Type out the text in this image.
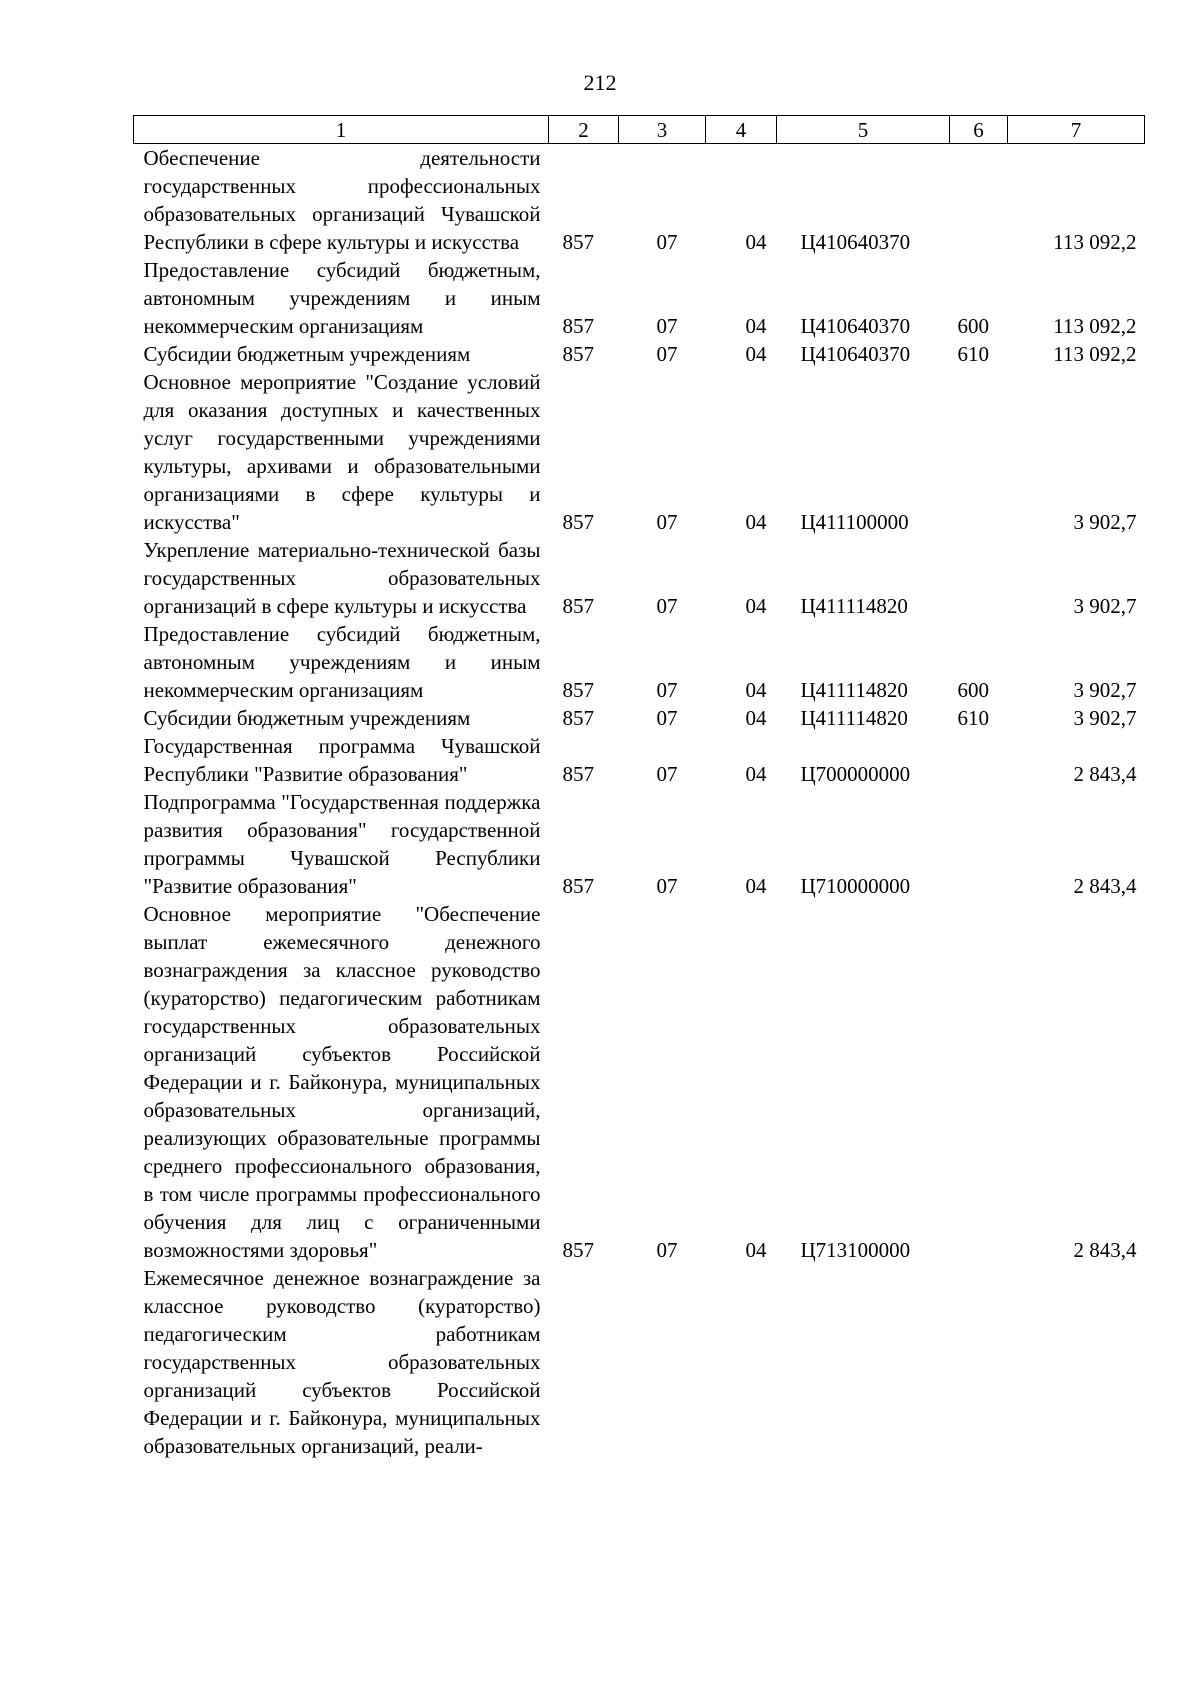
212
1	2	3	4	5	6	7
Обеспечение деятельности государственных профессиональных образовательных организаций Чувашской Республики в сфере культуры и искусства	857	07	04	Ц410640370		113 092,2
Предоставление субсидий бюджетным, автономным учреждениям и иным некоммерческим организациям	857	07	04	Ц410640370	600	113 092,2
Субсидии бюджетным учреждениям	857	07	04	Ц410640370	610	113 092,2
Основное мероприятие "Создание условий для оказания доступных и качественных услуг государственными учреждениями культуры, архивами и образовательными организациями в сфере культуры и искусства"	857	07	04	Ц411100000		3 902,7
Укрепление материально-технической базы государственных образовательных организаций в сфере культуры и искусства	857	07	04	Ц411114820		3 902,7
Предоставление субсидий бюджетным, автономным учреждениям и иным некоммерческим организациям	857	07	04	Ц411114820	600	3 902,7
Субсидии бюджетным учреждениям	857	07	04	Ц411114820	610	3 902,7
Государственная программа Чувашской Республики "Развитие образования"	857	07	04	Ц700000000		2 843,4
Подпрограмма "Государственная поддержка развития образования" государственной программы Чувашской Республики "Развитие образования"	857	07	04	Ц710000000		2 843,4
Основное мероприятие "Обеспечение выплат ежемесячного денежного вознаграждения за классное руководство (кураторство) педагогическим работникам государственных образовательных организаций субъектов Российской Федерации и г. Байконура, муниципальных образовательных организаций, реализующих образовательные программы среднего профессионального образования, в том числе программы профессионального обучения для лиц с ограниченными возможностями здоровья"	857	07	04	Ц713100000		2 843,4
Ежемесячное денежное вознаграждение за классное руководство (кураторство) педагогическим работникам государственных образовательных организаций субъектов Российской Федерации и г. Байконура, муниципальных образовательных организаций, реали-						
